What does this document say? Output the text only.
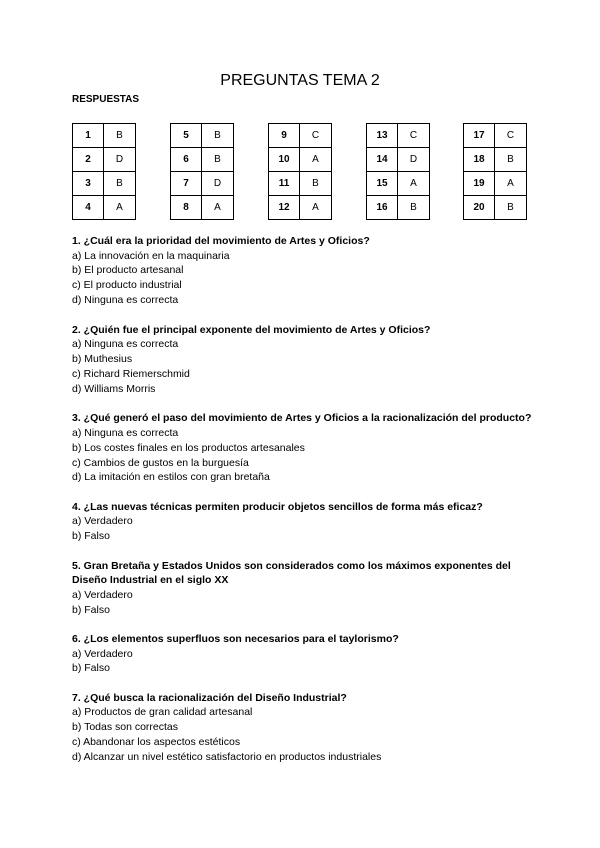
PREGUNTAS TEMA 2
RESPUESTAS
1	B
2	D
3	B
4	A
5	B
6	B
7	D
8	A
9	C
10	A
11	B
12	A
13	C
14	D
15	A
16	B
17	C
18	B
19	A
20	B
1. ¿Cuál era la prioridad del movimiento de Artes y Oficios?
a) La innovación en la maquinaria
b) El producto artesanal
c) El producto industrial
d) Ninguna es correcta
2. ¿Quién fue el principal exponente del movimiento de Artes y Oficios?
a) Ninguna es correcta
b) Muthesius
c) Richard Riemerschmid
d) Williams Morris
3. ¿Qué generó el paso del movimiento de Artes y Oficios a la racionalización del producto?
a) Ninguna es correcta
b) Los costes finales en los productos artesanales
c) Cambios de gustos en la burguesía
d) La imitación en estilos con gran bretaña
4. ¿Las nuevas técnicas permiten producir objetos sencillos de forma más eficaz?
a) Verdadero
b) Falso
5. Gran Bretaña y Estados Unidos son considerados como los máximos exponentes del Diseño Industrial en el siglo XX
a) Verdadero
b) Falso
6. ¿Los elementos superfluos son necesarios para el taylorismo?
a) Verdadero
b) Falso
7. ¿Qué busca la racionalización del Diseño Industrial?
a) Productos de gran calidad artesanal
b) Todas son correctas
c) Abandonar los aspectos estéticos
d) Alcanzar un nivel estético satisfactorio en productos industriales
